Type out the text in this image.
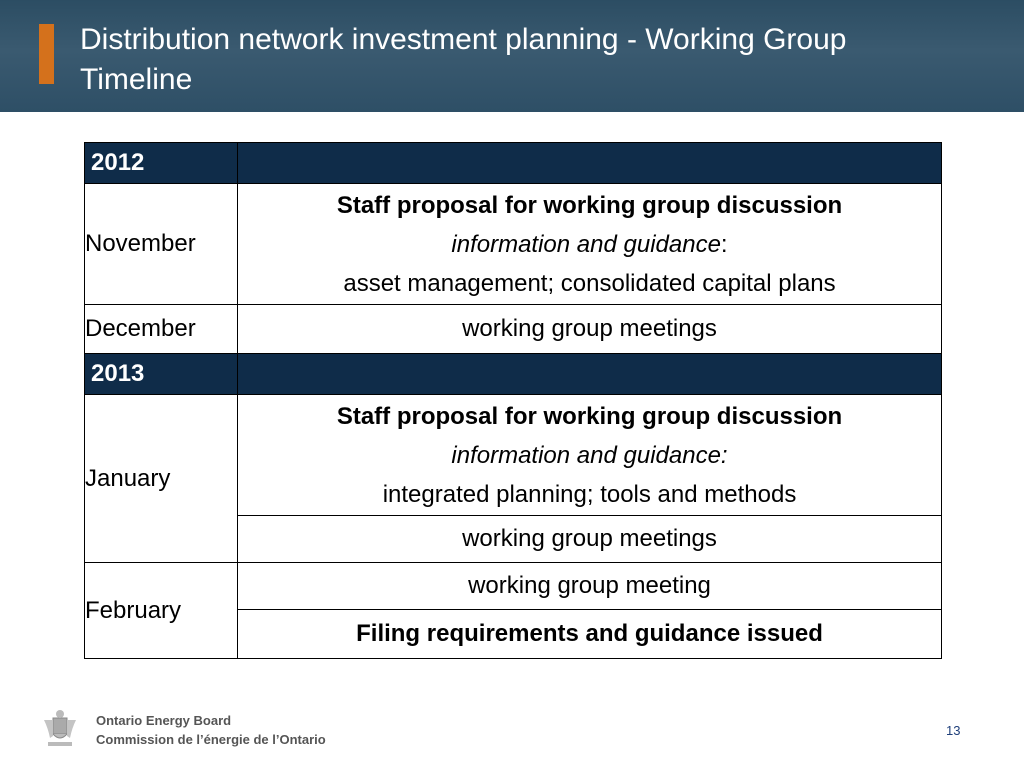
Distribution network investment planning - Working Group
Timeline
2012	
November	Staff proposal for working group discussion
information and guidance:
asset management; consolidated capital plans

December	working group meetings
2013	
January	Staff proposal for working group discussion
information and guidance:
integrated planning; tools and methods

	working group meetings
February	working group meeting
	Filing requirements and guidance issued
Ontario Energy Board
Commission de l’énergie de l’Ontario
13
